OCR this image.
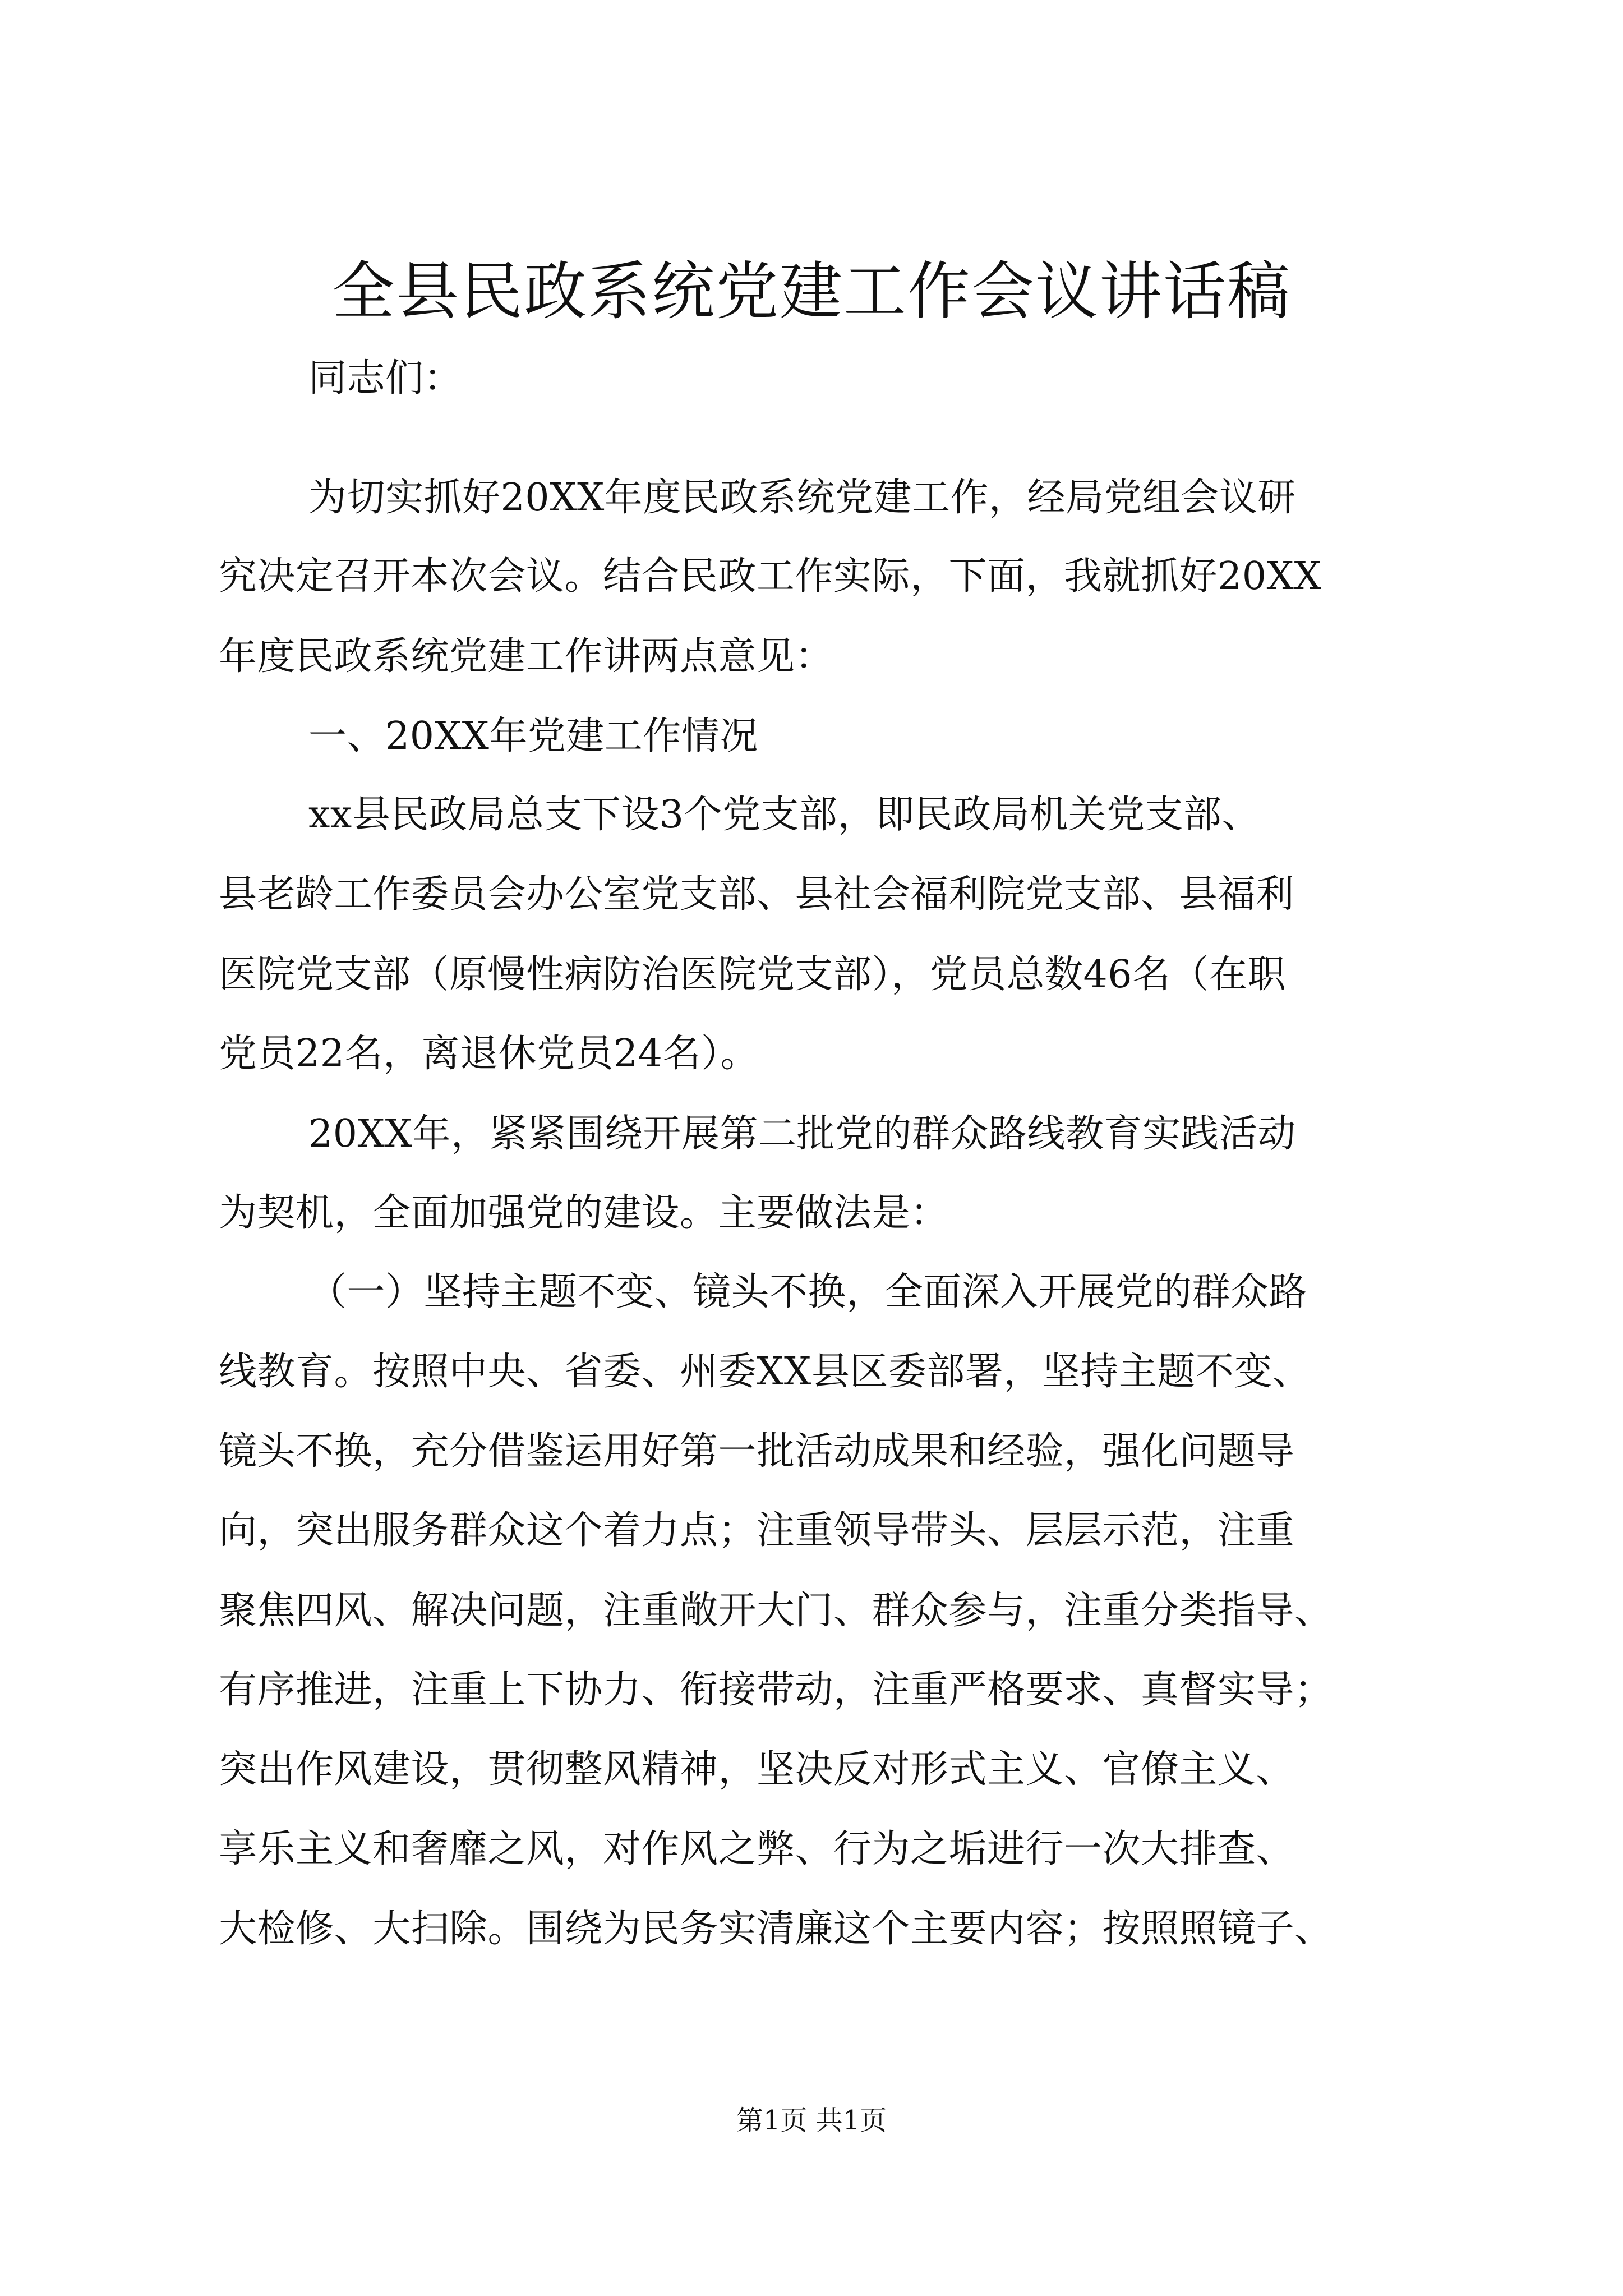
全县民政系统党建工作会议讲话稿
同志们：
为切实抓好20XX年度民政系统党建工作，经局党组会议研
究决定召开本次会议。结合民政工作实际，下面，我就抓好20XX
年度民政系统党建工作讲两点意见：
一、20XX年党建工作情况
xx县民政局总支下设3个党支部，即民政局机关党支部、
县老龄工作委员会办公室党支部、县社会福利院党支部、县福利
医院党支部（原慢性病防治医院党支部），党员总数46名（在职
党员22名，离退休党员24名）。
20XX年，紧紧围绕开展第二批党的群众路线教育实践活动
为契机，全面加强党的建设。主要做法是：
（一）坚持主题不变、镜头不换，全面深入开展党的群众路
线教育。按照中央、省委、州委XX县区委部署，坚持主题不变、
镜头不换，充分借鉴运用好第一批活动成果和经验，强化问题导
向，突出服务群众这个着力点；注重领导带头、层层示范，注重
聚焦四风、解决问题，注重敞开大门、群众参与，注重分类指导、
有序推进，注重上下协力、衔接带动，注重严格要求、真督实导；
突出作风建设，贯彻整风精神，坚决反对形式主义、官僚主义、
享乐主义和奢靡之风，对作风之弊、行为之垢进行一次大排查、
大检修、大扫除。围绕为民务实清廉这个主要内容；按照照镜子、
第1页 共1页
